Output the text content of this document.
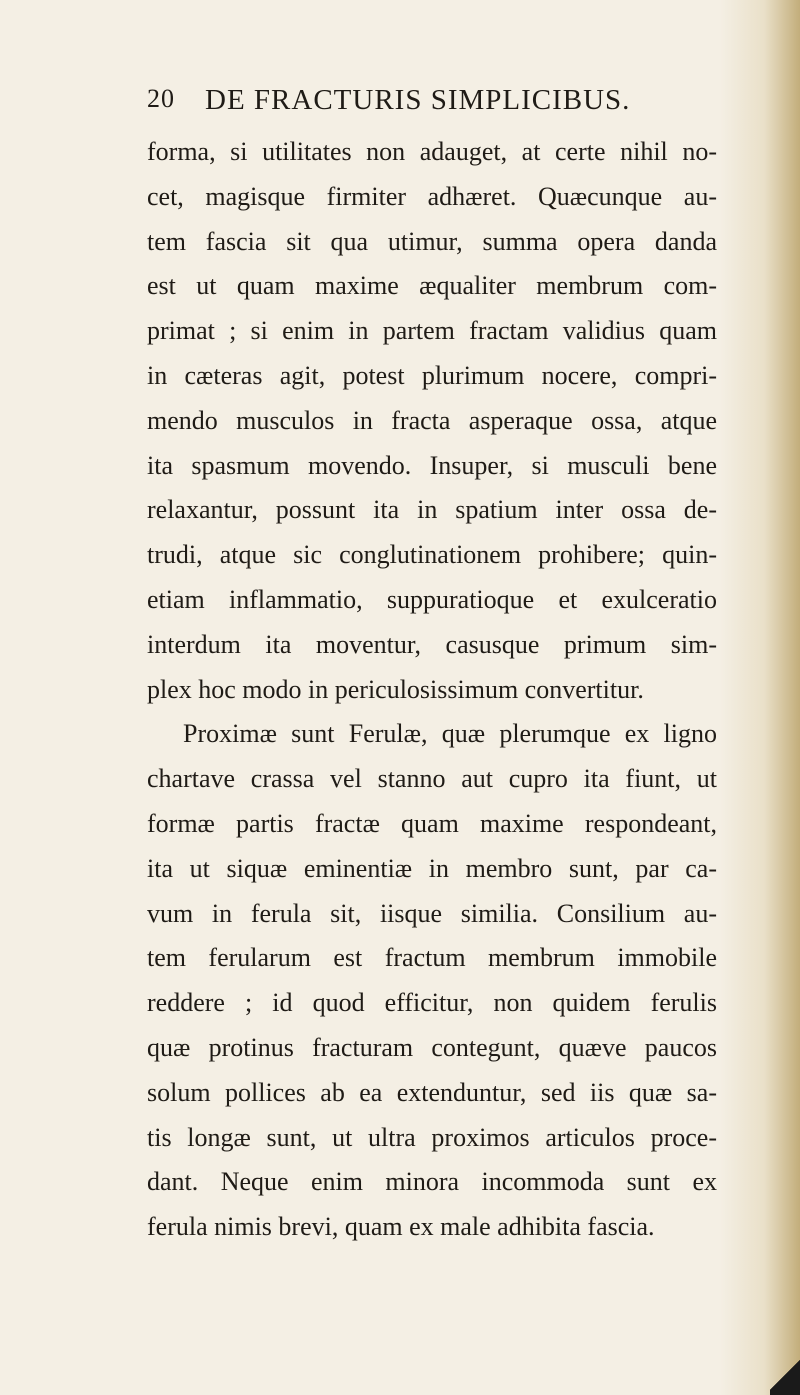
20 DE FRACTURIS SIMPLICIBUS.
forma, si utilitates non adauget, at certe nihil no-
cet, magisque firmiter adhæret. Quæcunque au-
tem fascia sit qua utimur, summa opera danda
est ut quam maxime æqualiter membrum com-
primat ; si enim in partem fractam validius quam
in cæteras agit, potest plurimum nocere, compri-
mendo musculos in fracta asperaque ossa, atque
ita spasmum movendo. Insuper, si musculi bene
relaxantur, possunt ita in spatium inter ossa de-
trudi, atque sic conglutinationem prohibere; quin-
etiam inflammatio, suppuratioque et exulceratio
interdum ita moventur, casusque primum sim-
plex hoc modo in periculosissimum convertitur.
Proximæ sunt Ferulæ, quæ plerumque ex ligno
chartave crassa vel stanno aut cupro ita fiunt, ut
formæ partis fractæ quam maxime respondeant,
ita ut siquæ eminentiæ in membro sunt, par ca-
vum in ferula sit, iisque similia. Consilium au-
tem ferularum est fractum membrum immobile
reddere ; id quod efficitur, non quidem ferulis
quæ protinus fracturam contegunt, quæve paucos
solum pollices ab ea extenduntur, sed iis quæ sa-
tis longæ sunt, ut ultra proximos articulos proce-
dant. Neque enim minora incommoda sunt ex
ferula nimis brevi, quam ex male adhibita fascia.
